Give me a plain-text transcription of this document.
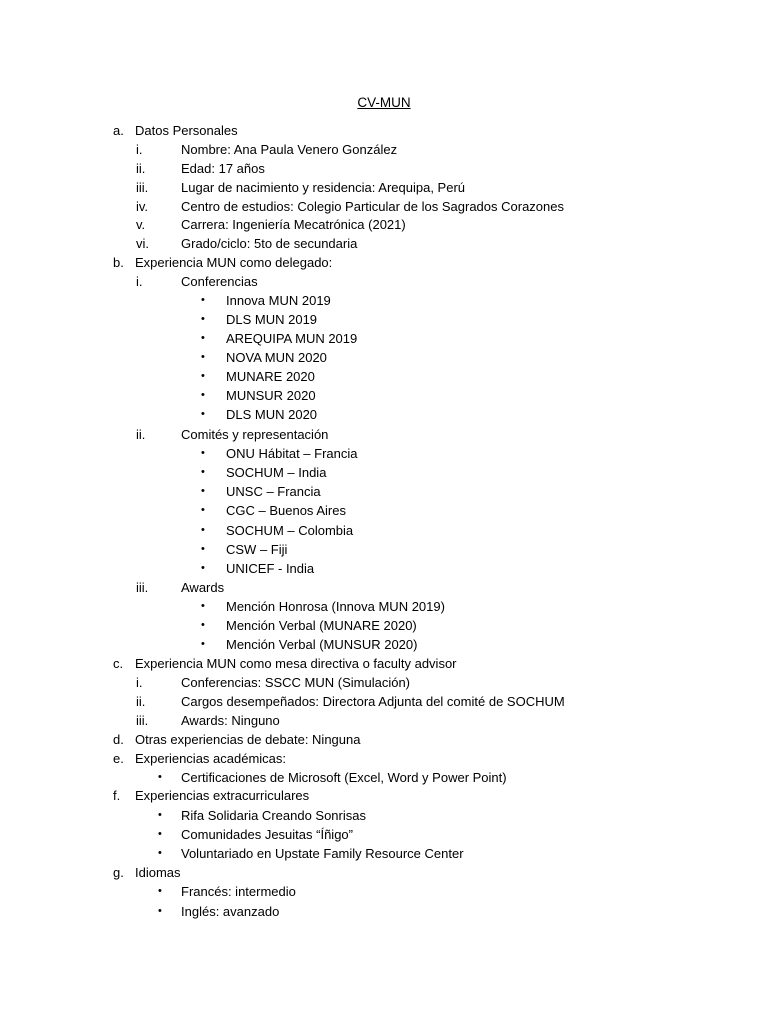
CV-MUN
a. Datos Personales
i.	Nombre: Ana Paula Venero González
ii.	Edad: 17 años
iii.	Lugar de nacimiento y residencia: Arequipa, Perú
iv.	Centro de estudios: Colegio Particular de los Sagrados Corazones
v.	Carrera: Ingeniería Mecatrónica (2021)
vi. Grado/ciclo: 5to de secundaria
b. Experiencia MUN como delegado:
i.	Conferencias
• Innova MUN 2019
• DLS MUN 2019
• AREQUIPA MUN 2019
• NOVA MUN 2020
• MUNARE 2020
• MUNSUR 2020
• DLS MUN 2020
ii.	Comités y representación
• ONU Hábitat – Francia
• SOCHUM – India
• UNSC – Francia
• CGC – Buenos Aires
• SOCHUM – Colombia
• CSW – Fiji
• UNICEF - India
iii.	Awards
• Mención Honrosa (Innova MUN 2019)
• Mención Verbal (MUNARE 2020)
• Mención Verbal (MUNSUR 2020)
c. Experiencia MUN como mesa directiva o faculty advisor
i.	Conferencias: SSCC MUN (Simulación)
ii.	Cargos desempeñados: Directora Adjunta del comité de SOCHUM
iii.	Awards: Ninguno
d. Otras experiencias de debate: Ninguna
e. Experiencias académicas:
• Certificaciones de Microsoft (Excel, Word y Power Point)
f. Experiencias extracurriculares
• Rifa Solidaria Creando Sonrisas
• Comunidades Jesuitas “Íñigo”
• Voluntariado en Upstate Family Resource Center
g. Idiomas
• Francés: intermedio
• Inglés: avanzado
